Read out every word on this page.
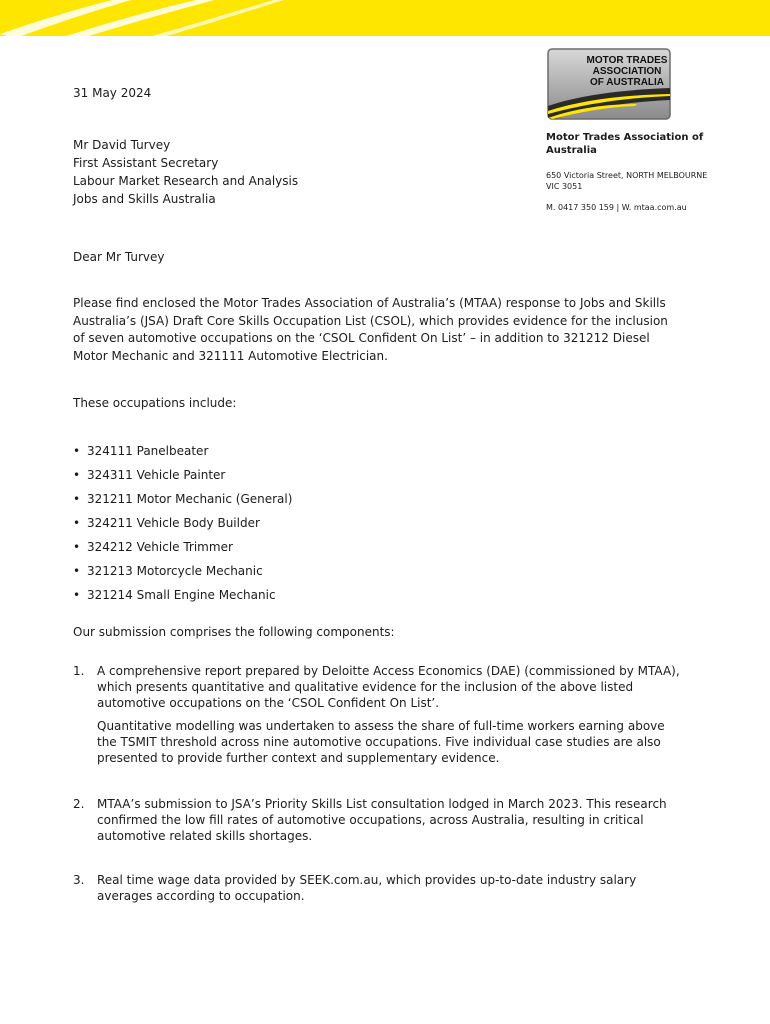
MOTOR TRADES
ASSOCIATION
OF AUSTRALIA

Motor Trades Association of

Australia

650 Victoria Street, NORTH MELBOURNE

VIC 3051

M. 0417 350 159 | W. mtaa.com.au

31 May 2024

Mr David Turvey
First Assistant Secretary
Labour Market Research and Analysis
Jobs and Skills Australia

Dear Mr Turvey

Please find enclosed the Motor Trades Association of Australia’s (MTAA) response to Jobs and Skills Australia’s (JSA) Draft Core Skills Occupation List (CSOL), which provides evidence for the inclusion of seven automotive occupations on the ‘CSOL Confident On List’ – in addition to 321212 Diesel Motor Mechanic and 321111 Automotive Electrician.

These occupations include:

• 324111 Panelbeater
• 324311 Vehicle Painter
• 321211 Motor Mechanic (General)
• 324211 Vehicle Body Builder
• 324212 Vehicle Trimmer
• 321213 Motorcycle Mechanic
• 321214 Small Engine Mechanic

Our submission comprises the following components:

1.	A comprehensive report prepared by Deloitte Access Economics (DAE) (commissioned by MTAA), which presents quantitative and qualitative evidence for the inclusion of the above listed automotive occupations on the ‘CSOL Confident On List’.

Quantitative modelling was undertaken to assess the share of full-time workers earning above the TSMIT threshold across nine automotive occupations. Five individual case studies are also presented to provide further context and supplementary evidence.

2.	MTAA’s submission to JSA’s Priority Skills List consultation lodged in March 2023. This research confirmed the low fill rates of automotive occupations, across Australia, resulting in critical automotive related skills shortages.

3.	Real time wage data provided by SEEK.com.au, which provides up-to-date industry salary averages according to occupation.
